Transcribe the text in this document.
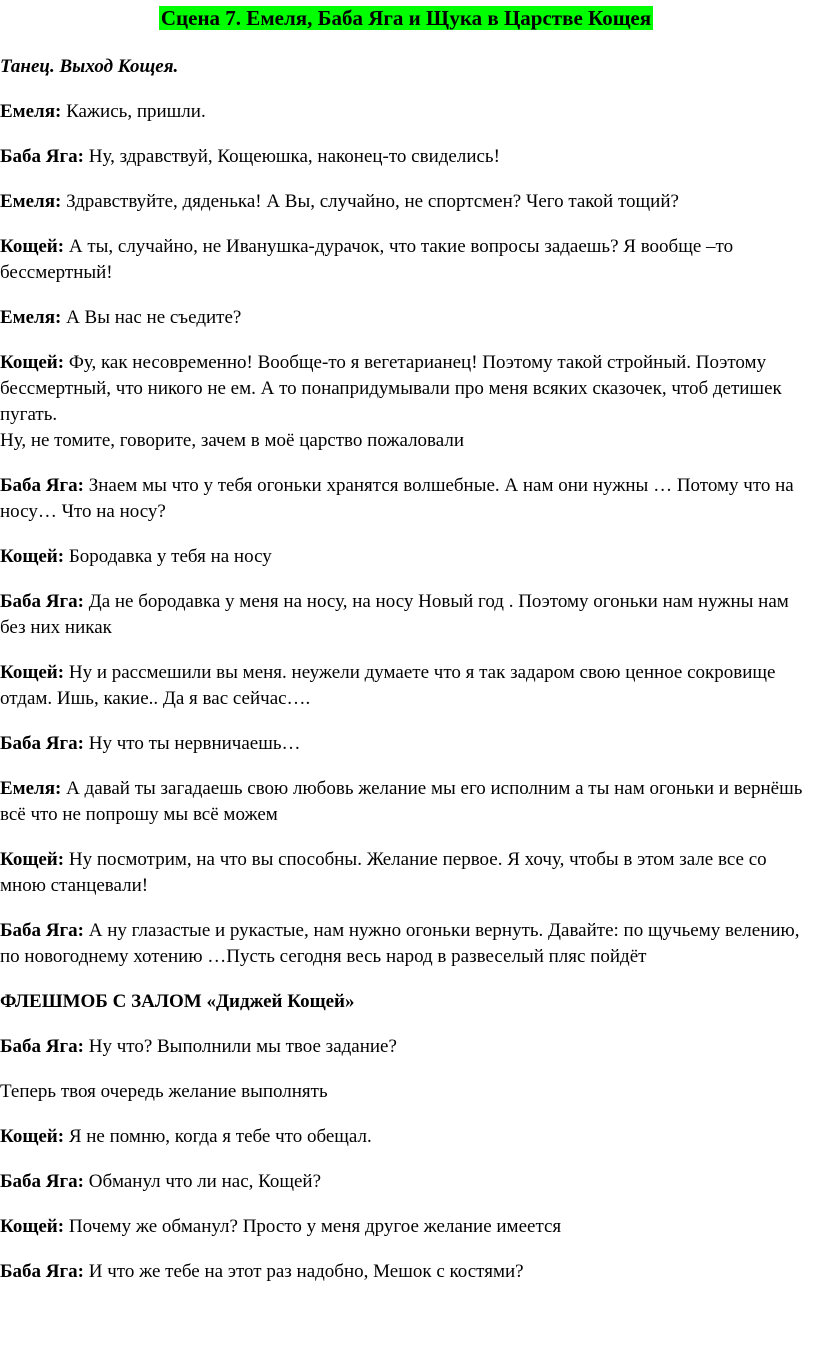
Сцена 7. Емеля, Баба Яга и Щука в Царстве Кощея

Танец. Выход Кощея.

Емеля: Кажись, пришли.

Баба Яга: Ну, здравствуй, Кощеюшка, наконец-то свиделись!

Емеля: Здравствуйте, дяденька! А Вы, случайно, не спортсмен? Чего такой тощий?

Кощей: А ты, случайно, не Иванушка-дурачок, что такие вопросы задаешь? Я вообще –то бессмертный!

Емеля: А Вы нас не съедите?

Кощей: Фу, как несовременно! Вообще-то я вегетарианец! Поэтому такой стройный. Поэтому бессмертный, что никого не ем. А то понапридумывали про меня всяких сказочек, чтоб детишек пугать.
Ну, не томите, говорите, зачем в моё царство пожаловали

Баба Яга: Знаем мы что у тебя огоньки хранятся волшебные. А нам они нужны … Потому что на носу… Что на носу?

Кощей: Бородавка у тебя на носу

Баба Яга: Да не бородавка у меня на носу, на носу Новый год . Поэтому огоньки нам нужны нам без них никак

Кощей: Ну и рассмешили вы меня. неужели думаете что я так задаром свою ценное сокровище отдам. Ишь, какие.. Да я вас сейчас….

Баба Яга: Ну что ты нервничаешь…

Емеля: А давай ты загадаешь свою любовь желание мы его исполним а ты нам огоньки и вернёшь всё что не попрошу мы всё можем

Кощей: Ну посмотрим, на что вы способны. Желание первое. Я хочу, чтобы в этом зале все со мною станцевали!

Баба Яга: А ну глазастые и рукастые, нам нужно огоньки вернуть. Давайте: по щучьему велению, по новогоднему хотению …Пусть сегодня весь народ в развеселый пляс пойдёт

ФЛЕШМОБ С ЗАЛОМ «Диджей Кощей»

Баба Яга: Ну что? Выполнили мы твое задание?

Теперь твоя очередь желание выполнять

Кощей: Я не помню, когда я тебе что обещал.

Баба Яга: Обманул что ли нас, Кощей?

Кощей: Почему же обманул? Просто у меня другое желание имеется

Баба Яга: И что же тебе на этот раз надобно, Мешок с костями?
